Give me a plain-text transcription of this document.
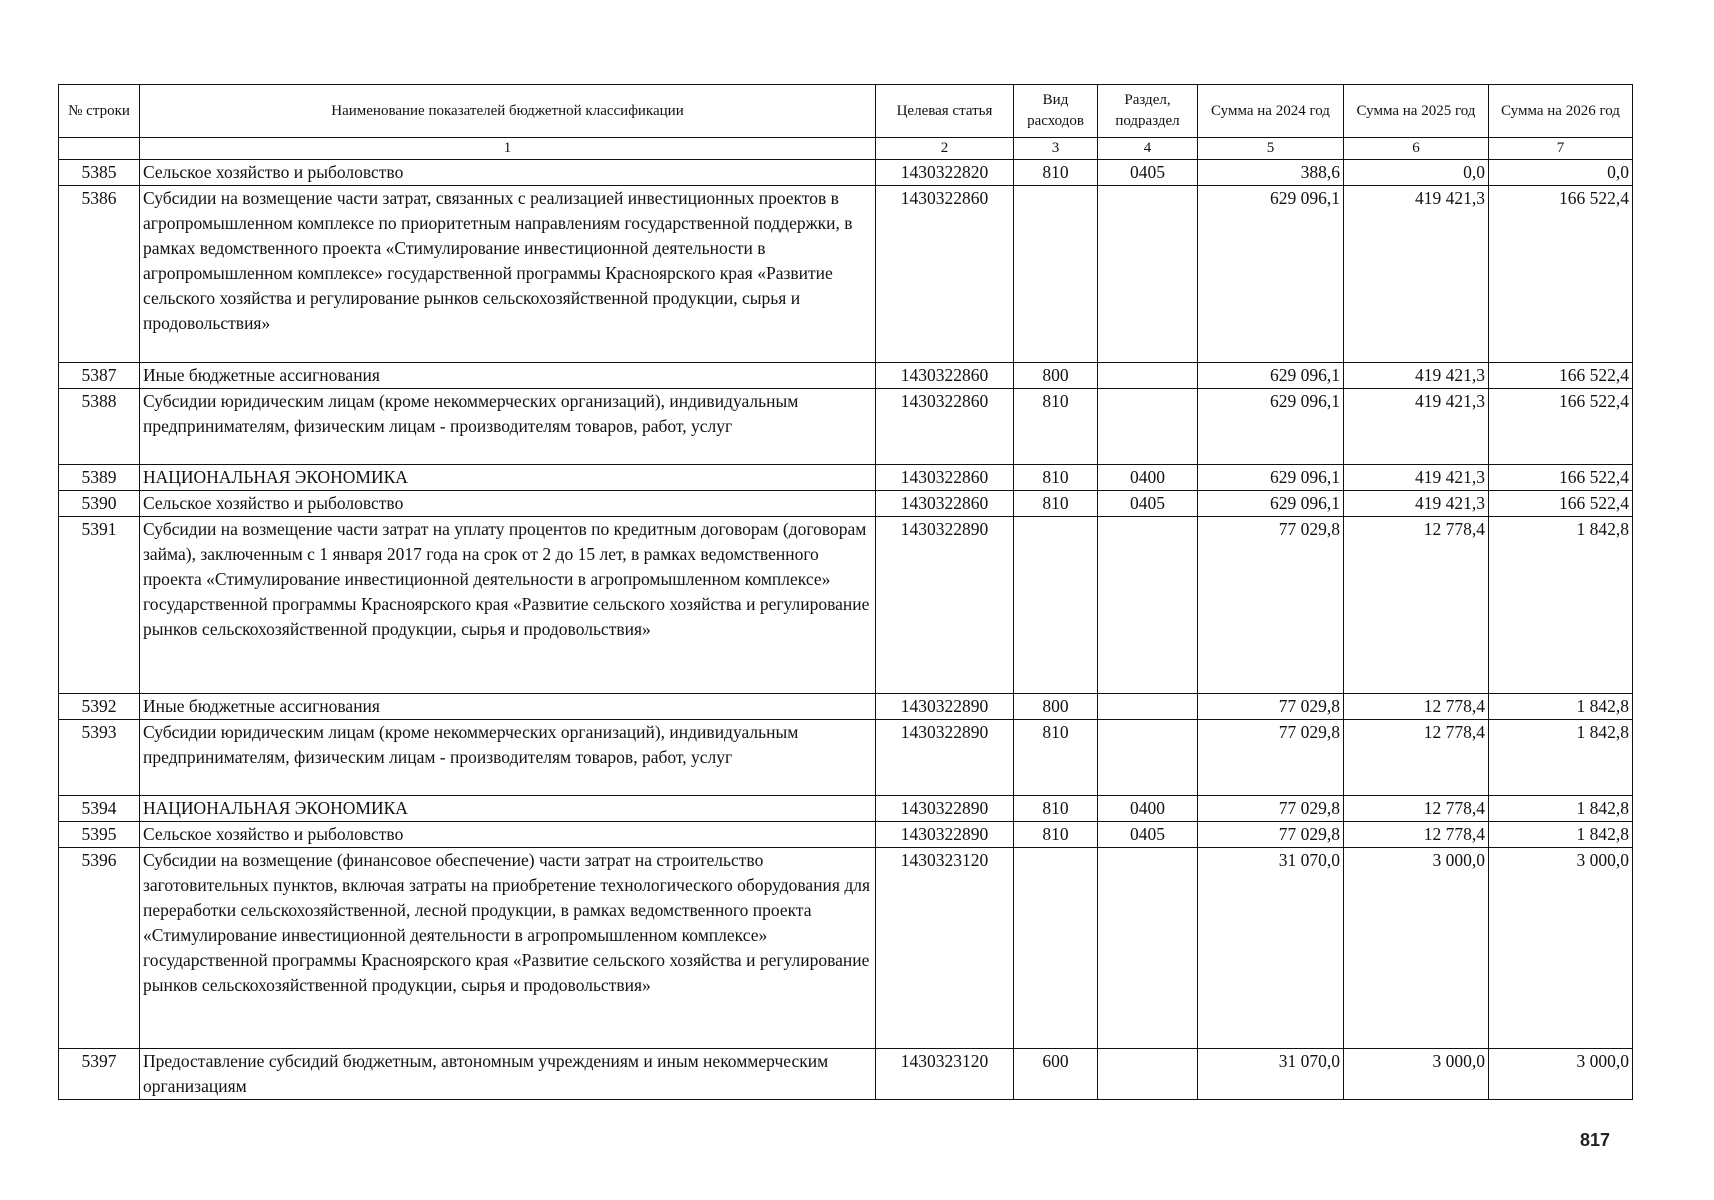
№ строки	Наименование показателей бюджетной классификации	Целевая статья	Вид расходов	Раздел, подраздел	Сумма на 2024 год	Сумма на 2025 год	Сумма на 2026 год
	1	2	3	4	5	6	7
5385	Сельское хозяйство и рыболовство	1430322820	810	0405	388,6	0,0	0,0
5386	Субсидии на возмещение части затрат, связанных с реализацией инвестиционных проектов в агропромышленном комплексе по приоритетным направлениям государственной поддержки, в рамках ведомственного проекта «Стимулирование инвестиционной деятельности в агропромышленном комплексе» государственной программы Красноярского края «Развитие сельского хозяйства и регулирование рынков сельскохозяйственной продукции, сырья и продовольствия»	1430322860			629 096,1	419 421,3	166 522,4
5387	Иные бюджетные ассигнования	1430322860	800		629 096,1	419 421,3	166 522,4
5388	Субсидии юридическим лицам (кроме некоммерческих организаций), индивидуальным предпринимателям, физическим лицам - производителям товаров, работ, услуг	1430322860	810		629 096,1	419 421,3	166 522,4
5389	НАЦИОНАЛЬНАЯ ЭКОНОМИКА	1430322860	810	0400	629 096,1	419 421,3	166 522,4
5390	Сельское хозяйство и рыболовство	1430322860	810	0405	629 096,1	419 421,3	166 522,4
5391	Субсидии на возмещение части затрат на уплату процентов по кредитным договорам (договорам займа), заключенным с 1 января 2017 года на срок от 2 до 15 лет, в рамках ведомственного проекта «Стимулирование инвестиционной деятельности в агропромышленном комплексе» государственной программы Красноярского края «Развитие сельского хозяйства и регулирование рынков сельскохозяйственной продукции, сырья и продовольствия»	1430322890			77 029,8	12 778,4	1 842,8
5392	Иные бюджетные ассигнования	1430322890	800		77 029,8	12 778,4	1 842,8
5393	Субсидии юридическим лицам (кроме некоммерческих организаций), индивидуальным предпринимателям, физическим лицам - производителям товаров, работ, услуг	1430322890	810		77 029,8	12 778,4	1 842,8
5394	НАЦИОНАЛЬНАЯ ЭКОНОМИКА	1430322890	810	0400	77 029,8	12 778,4	1 842,8
5395	Сельское хозяйство и рыболовство	1430322890	810	0405	77 029,8	12 778,4	1 842,8
5396	Субсидии на возмещение (финансовое обеспечение) части затрат на строительство заготовительных пунктов, включая затраты на приобретение технологического оборудования для переработки сельскохозяйственной, лесной продукции, в рамках ведомственного проекта «Стимулирование инвестиционной деятельности в агропромышленном комплексе» государственной программы Красноярского края «Развитие сельского хозяйства и регулирование рынков сельскохозяйственной продукции, сырья и продовольствия»	1430323120			31 070,0	3 000,0	3 000,0
5397	Предоставление субсидий бюджетным, автономным учреждениям и иным некоммерческим организациям	1430323120	600		31 070,0	3 000,0	3 000,0
817
